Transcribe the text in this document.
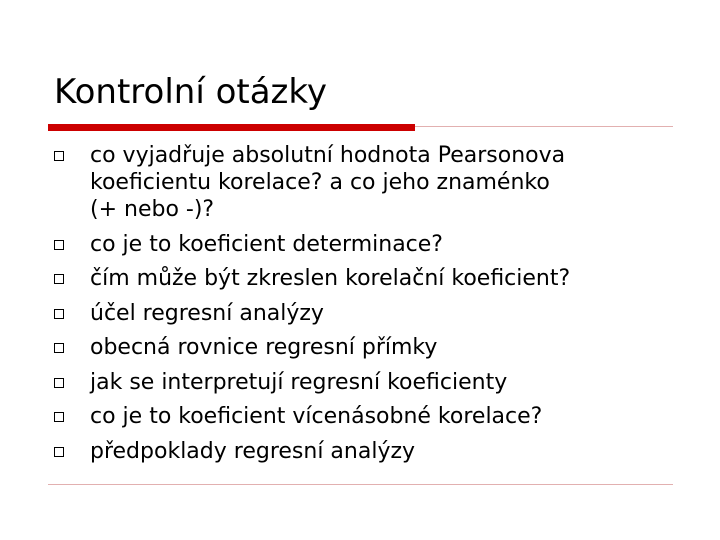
Kontrolní otázky
co vyjadřuje absolutní hodnota Pearsonova
koeficientu korelace? a co jeho znaménko
(+ nebo -)?
co je to koeficient determinace?
čím může být zkreslen korelační koeficient?
účel regresní analýzy
obecná rovnice regresní přímky
jak se interpretují regresní koeficienty
co je to koeficient vícenásobné korelace?
předpoklady regresní analýzy
